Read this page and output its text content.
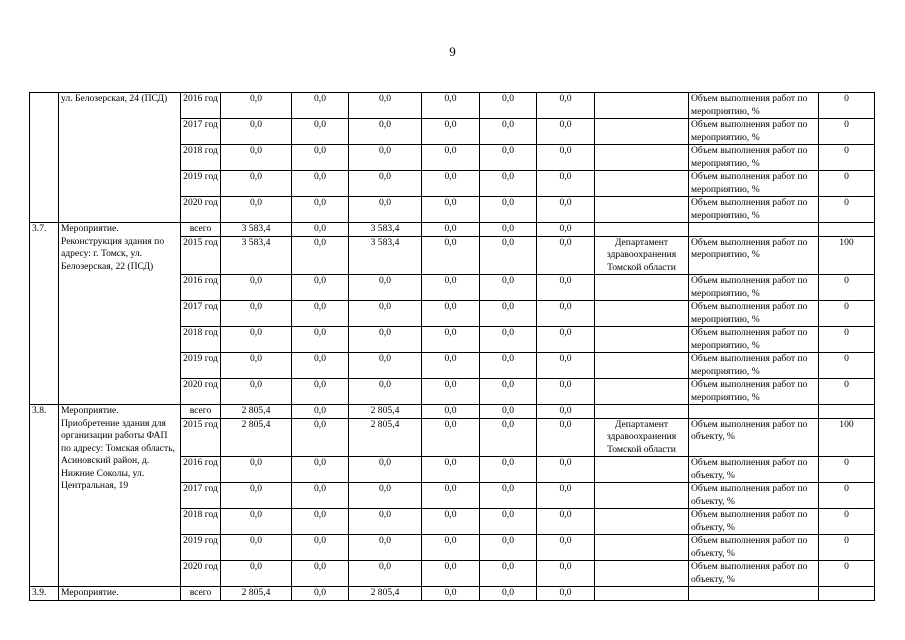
9
	ул. Белозерская, 24 (ПСД)	2016 год	0,0	0,0	0,0	0,0	0,0	0,0		Объем выполнения работ по мероприятию, %	0
		2017 год	0,0	0,0	0,0	0,0	0,0	0,0		Объем выполнения работ по мероприятию, %	0
		2018 год	0,0	0,0	0,0	0,0	0,0	0,0		Объем выполнения работ по мероприятию, %	0
		2019 год	0,0	0,0	0,0	0,0	0,0	0,0		Объем выполнения работ по мероприятию, %	0
		2020 год	0,0	0,0	0,0	0,0	0,0	0,0		Объем выполнения работ по мероприятию, %	0
3.7.	Мероприятие. Реконструкция здания по адресу: г. Томск, ул. Белозерская, 22 (ПСД)	всего	3 583,4	0,0	3 583,4	0,0	0,0	0,0			
		2015 год	3 583,4	0,0	3 583,4	0,0	0,0	0,0	Департамент здравоохранения Томской области	Объем выполнения работ по мероприятию, %	100
		2016 год	0,0	0,0	0,0	0,0	0,0	0,0		Объем выполнения работ по мероприятию, %	0
		2017 год	0,0	0,0	0,0	0,0	0,0	0,0		Объем выполнения работ по мероприятию, %	0
		2018 год	0,0	0,0	0,0	0,0	0,0	0,0		Объем выполнения работ по мероприятию, %	0
		2019 год	0,0	0,0	0,0	0,0	0,0	0,0		Объем выполнения работ по мероприятию, %	0
		2020 год	0,0	0,0	0,0	0,0	0,0	0,0		Объем выполнения работ по мероприятию, %	0
3.8.	Мероприятие. Приобретение здания для организации работы ФАП по адресу: Томская область, Асиновский район, д. Нижние Соколы, ул. Центральная, 19	всего	2 805,4	0,0	2 805,4	0,0	0,0	0,0			
		2015 год	2 805,4	0,0	2 805,4	0,0	0,0	0,0	Департамент здравоохранения Томской области	Объем выполнения работ по объекту, %	100
		2016 год	0,0	0,0	0,0	0,0	0,0	0,0		Объем выполнения работ по объекту, %	0
		2017 год	0,0	0,0	0,0	0,0	0,0	0,0		Объем выполнения работ по объекту, %	0
		2018 год	0,0	0,0	0,0	0,0	0,0	0,0		Объем выполнения работ по объекту, %	0
		2019 год	0,0	0,0	0,0	0,0	0,0	0,0		Объем выполнения работ по объекту, %	0
		2020 год	0,0	0,0	0,0	0,0	0,0	0,0		Объем выполнения работ по объекту, %	0
3.9.	Мероприятие.	всего	2 805,4	0,0	2 805,4	0,0	0,0	0,0			
